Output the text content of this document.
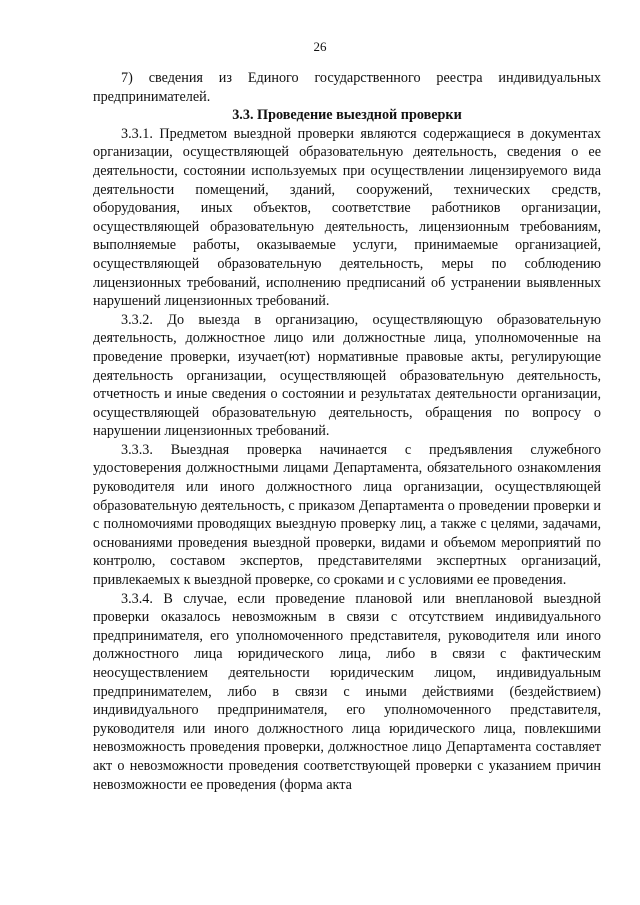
26

7) сведения из Единого государственного реестра индивидуальных предпринимателей.

3.3. Проведение выездной проверки

3.3.1. Предметом выездной проверки являются содержащиеся в документах организации, осуществляющей образовательную деятельность, сведения о ее деятельности, состоянии используемых при осуществлении лицензируемого вида деятельности помещений, зданий, сооружений, технических средств, оборудования, иных объектов, соответствие работников организации, осуществляющей образовательную деятельность, лицензионным требованиям, выполняемые работы, оказываемые услуги, принимаемые организацией, осуществляющей образовательную деятельность, меры по соблюдению лицензионных требований, исполнению предписаний об устранении выявленных нарушений лицензионных требований.

3.3.2. До выезда в организацию, осуществляющую образовательную деятельность, должностное лицо или должностные лица, уполномоченные на проведение проверки, изучает(ют) нормативные правовые акты, регулирующие деятельность организации, осуществляющей образовательную деятельность, отчетность и иные сведения о состоянии и результатах деятельности организации, осуществляющей образовательную деятельность, обращения по вопросу о нарушении лицензионных требований.

3.3.3. Выездная проверка начинается с предъявления служебного удостоверения должностными лицами Департамента, обязательного ознакомления руководителя или иного должностного лица организации, осуществляющей образовательную деятельность, с приказом Департамента о проведении проверки и с полномочиями проводящих выездную проверку лиц, а также с целями, задачами, основаниями проведения выездной проверки, видами и объемом мероприятий по контролю, составом экспертов, представителями экспертных организаций, привлекаемых к выездной проверке, со сроками и с условиями ее проведения.

3.3.4. В случае, если проведение плановой или внеплановой выездной проверки оказалось невозможным в связи с отсутствием индивидуального предпринимателя, его уполномоченного представителя, руководителя или иного должностного лица юридического лица, либо в связи с фактическим неосуществлением деятельности юридическим лицом, индивидуальным предпринимателем, либо в связи с иными действиями (бездействием) индивидуального предпринимателя, его уполномоченного представителя, руководителя или иного должностного лица юридического лица, повлекшими невозможность проведения проверки, должностное лицо Департамента составляет акт о невозможности проведения соответствующей проверки с указанием причин невозможности ее проведения (форма акта
